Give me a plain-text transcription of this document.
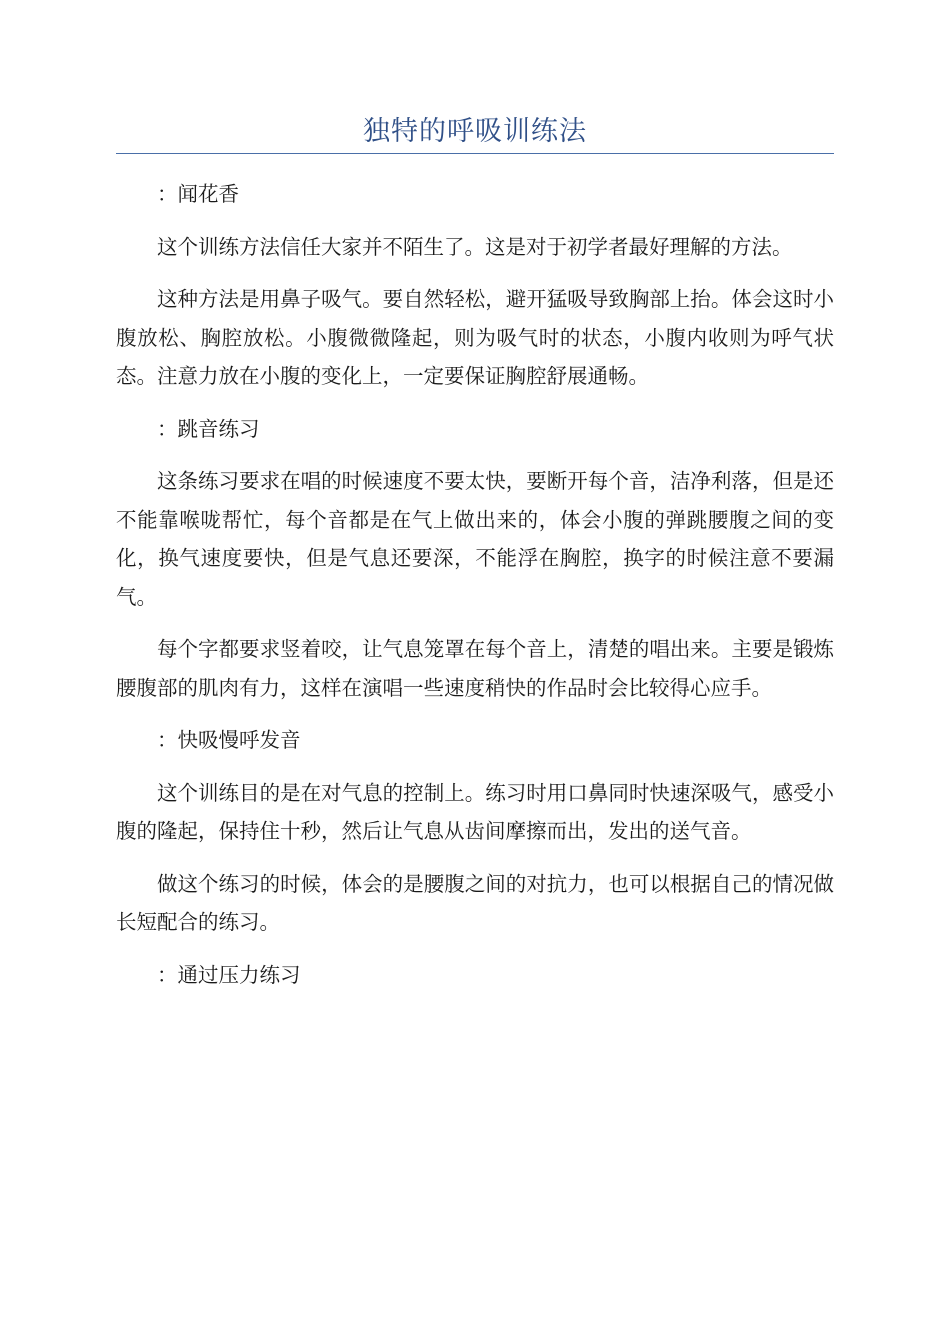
独特的呼吸训练法

：闻花香

这个训练方法信任大家并不陌生了。这是对于初学者最好理解的方法。

这种方法是用鼻子吸气。要自然轻松，避开猛吸导致胸部上抬。体会这时小腹放松、胸腔放松。小腹微微隆起，则为吸气时的状态，小腹内收则为呼气状态。注意力放在小腹的变化上，一定要保证胸腔舒展通畅。

：跳音练习

这条练习要求在唱的时候速度不要太快，要断开每个音，洁净利落，但是还不能靠喉咙帮忙，每个音都是在气上做出来的，体会小腹的弹跳腰腹之间的变化，换气速度要快，但是气息还要深，不能浮在胸腔，换字的时候注意不要漏气。

每个字都要求竖着咬，让气息笼罩在每个音上，清楚的唱出来。主要是锻炼腰腹部的肌肉有力，这样在演唱一些速度稍快的作品时会比较得心应手。

：快吸慢呼发音

这个训练目的是在对气息的控制上。练习时用口鼻同时快速深吸气，感受小腹的隆起，保持住十秒，然后让气息从齿间摩擦而出，发出的送气音。

做这个练习的时候，体会的是腰腹之间的对抗力，也可以根据自己的情况做长短配合的练习。

：通过压力练习
